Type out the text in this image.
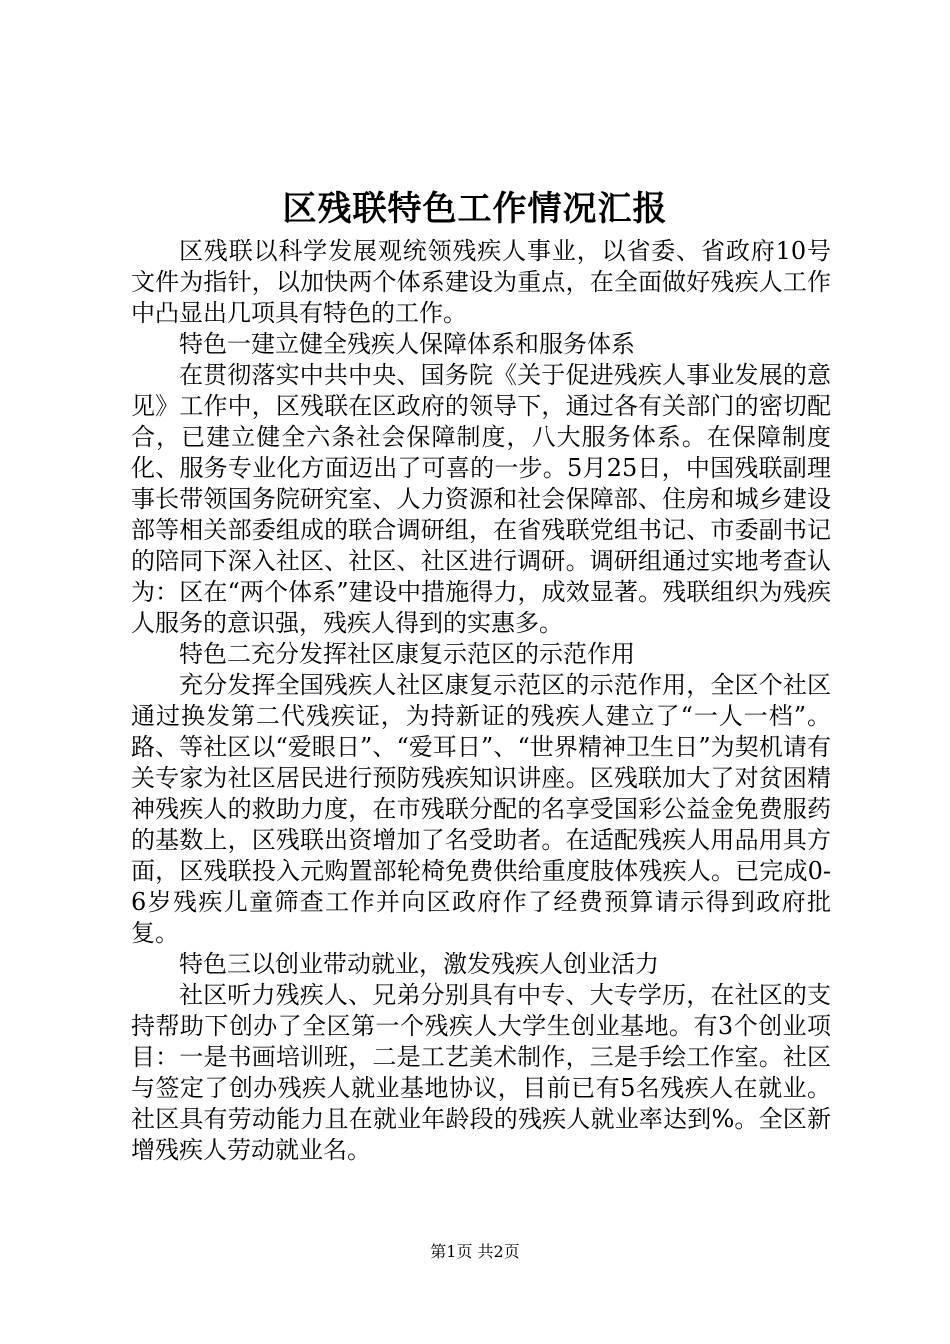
区残联特色工作情况汇报

区残联以科学发展观统领残疾人事业，以省委、省政府10号文件为指针，以加快两个体系建设为重点，在全面做好残疾人工作中凸显出几项具有特色的工作。

特色一建立健全残疾人保障体系和服务体系

在贯彻落实中共中央、国务院《关于促进残疾人事业发展的意见》工作中，区残联在区政府的领导下，通过各有关部门的密切配合，已建立健全六条社会保障制度，八大服务体系。在保障制度化、服务专业化方面迈出了可喜的一步。5月25日，中国残联副理事长带领国务院研究室、人力资源和社会保障部、住房和城乡建设部等相关部委组成的联合调研组，在省残联党组书记、市委副书记的陪同下深入社区、社区、社区进行调研。调研组通过实地考查认为：区在“两个体系”建设中措施得力，成效显著。残联组织为残疾人服务的意识强，残疾人得到的实惠多。

特色二充分发挥社区康复示范区的示范作用

充分发挥全国残疾人社区康复示范区的示范作用，全区个社区通过换发第二代残疾证，为持新证的残疾人建立了“一人一档”。路、等社区以“爱眼日”、“爱耳日”、“世界精神卫生日”为契机请有关专家为社区居民进行预防残疾知识讲座。区残联加大了对贫困精神残疾人的救助力度，在市残联分配的名享受国彩公益金免费服药的基数上，区残联出资增加了名受助者。在适配残疾人用品用具方面，区残联投入元购置部轮椅免费供给重度肢体残疾人。已完成0-6岁残疾儿童筛查工作并向区政府作了经费预算请示得到政府批复。

特色三以创业带动就业，激发残疾人创业活力

社区听力残疾人、兄弟分别具有中专、大专学历，在社区的支持帮助下创办了全区第一个残疾人大学生创业基地。有3个创业项目：一是书画培训班，二是工艺美术制作，三是手绘工作室。社区与签定了创办残疾人就业基地协议，目前已有5名残疾人在就业。社区具有劳动能力且在就业年龄段的残疾人就业率达到%。全区新增残疾人劳动就业名。

第1页 共2页
